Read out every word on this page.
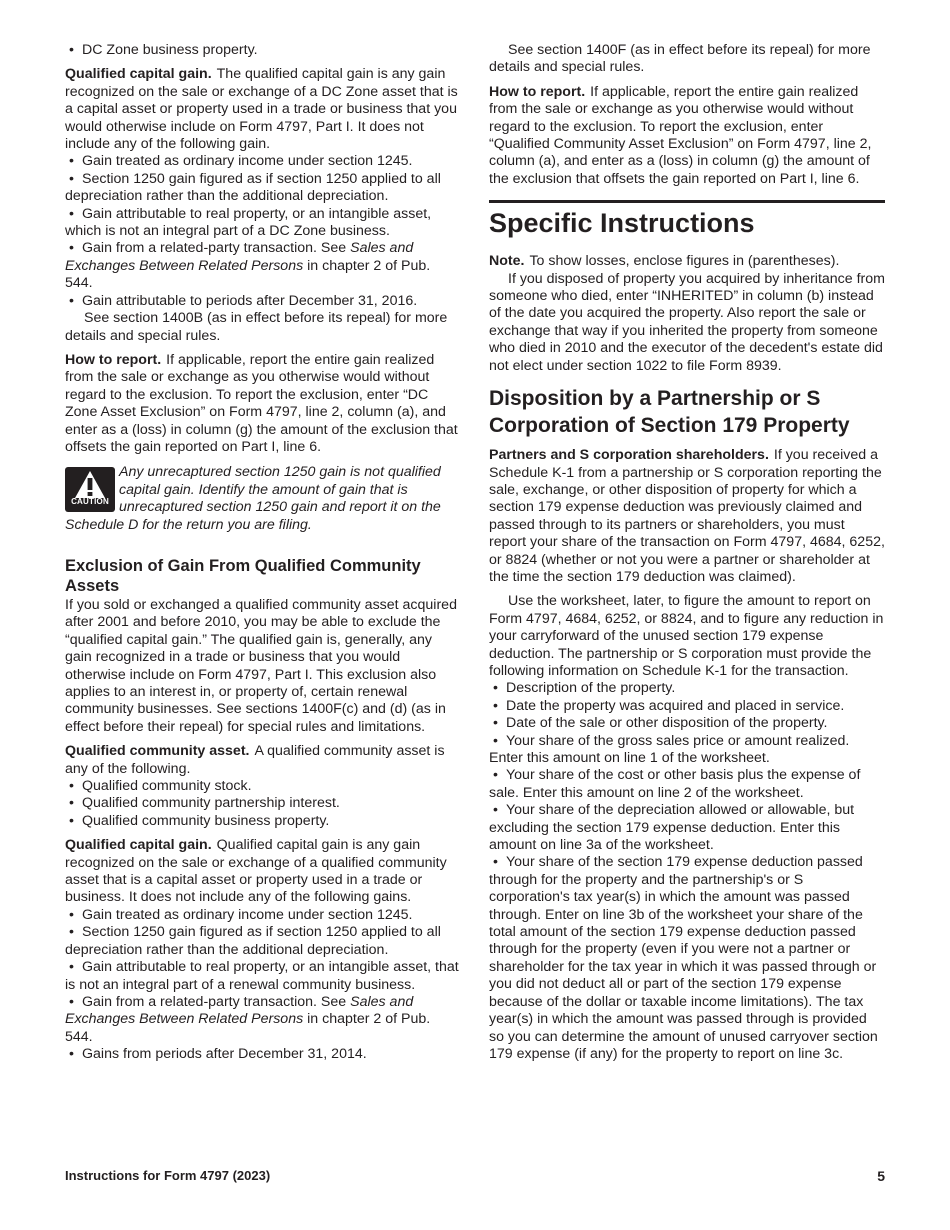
• DC Zone business property.

Qualified capital gain. The qualified capital gain is any gain recognized on the sale or exchange of a DC Zone asset that is a capital asset or property used in a trade or business that you would otherwise include on Form 4797, Part I. It does not include any of the following gain.

• Gain treated as ordinary income under section 1245.

• Section 1250 gain figured as if section 1250 applied to all depreciation rather than the additional depreciation.

• Gain attributable to real property, or an intangible asset, which is not an integral part of a DC Zone business.

• Gain from a related-party transaction. See Sales and Exchanges Between Related Persons in chapter 2 of Pub. 544.

• Gain attributable to periods after December 31, 2016.

See section 1400B (as in effect before its repeal) for more details and special rules.

How to report. If applicable, report the entire gain realized from the sale or exchange as you otherwise would without regard to the exclusion. To report the exclusion, enter “DC Zone Asset Exclusion” on Form 4797, line 2, column (a), and enter as a (loss) in column (g) the amount of the exclusion that offsets the gain reported on Part I, line 6.

CAUTION
Any unrecaptured section 1250 gain is not qualified capital gain. Identify the amount of gain that is unrecaptured section 1250 gain and report it on the Schedule D for the return you are filing.
Exclusion of Gain From Qualified Community Assets

If you sold or exchanged a qualified community asset acquired after 2001 and before 2010, you may be able to exclude the “qualified capital gain.” The qualified gain is, generally, any gain recognized in a trade or business that you would otherwise include on Form 4797, Part I. This exclusion also applies to an interest in, or property of, certain renewal community businesses. See sections 1400F(c) and (d) (as in effect before their repeal) for special rules and limitations.

Qualified community asset. A qualified community asset is any of the following.

• Qualified community stock.

• Qualified community partnership interest.

• Qualified community business property.

Qualified capital gain. Qualified capital gain is any gain recognized on the sale or exchange of a qualified community asset that is a capital asset or property used in a trade or business. It does not include any of the following gains.

• Gain treated as ordinary income under section 1245.

• Section 1250 gain figured as if section 1250 applied to all depreciation rather than the additional depreciation.

• Gain attributable to real property, or an intangible asset, that is not an integral part of a renewal community business.

• Gain from a related-party transaction. See Sales and Exchanges Between Related Persons in chapter 2 of Pub. 544.

• Gains from periods after December 31, 2014.

See section 1400F (as in effect before its repeal) for more details and special rules.

How to report. If applicable, report the entire gain realized from the sale or exchange as you otherwise would without regard to the exclusion. To report the exclusion, enter “Qualified Community Asset Exclusion” on Form 4797, line 2, column (a), and enter as a (loss) in column (g) the amount of the exclusion that offsets the gain reported on Part I, line 6.

Specific Instructions

Note. To show losses, enclose figures in (parentheses).

If you disposed of property you acquired by inheritance from someone who died, enter “INHERITED” in column (b) instead of the date you acquired the property. Also report the sale or exchange that way if you inherited the property from someone who died in 2010 and the executor of the decedent's estate did not elect under section 1022 to file Form 8939.

Disposition by a Partnership or S Corporation of Section 179 Property

Partners and S corporation shareholders. If you received a Schedule K-1 from a partnership or S corporation reporting the sale, exchange, or other disposition of property for which a section 179 expense deduction was previously claimed and passed through to its partners or shareholders, you must report your share of the transaction on Form 4797, 4684, 6252, or 8824 (whether or not you were a partner or shareholder at the time the section 179 deduction was claimed).

Use the worksheet, later, to figure the amount to report on Form 4797, 4684, 6252, or 8824, and to figure any reduction in your carryforward of the unused section 179 expense deduction. The partnership or S corporation must provide the following information on Schedule K-1 for the transaction.

• Description of the property.

• Date the property was acquired and placed in service.

• Date of the sale or other disposition of the property.

• Your share of the gross sales price or amount realized. Enter this amount on line 1 of the worksheet.

• Your share of the cost or other basis plus the expense of sale. Enter this amount on line 2 of the worksheet.

• Your share of the depreciation allowed or allowable, but excluding the section 179 expense deduction. Enter this amount on line 3a of the worksheet.

• Your share of the section 179 expense deduction passed through for the property and the partnership's or S corporation's tax year(s) in which the amount was passed through. Enter on line 3b of the worksheet your share of the total amount of the section 179 expense deduction passed through for the property (even if you were not a partner or shareholder for the tax year in which it was passed through or you did not deduct all or part of the section 179 expense because of the dollar or taxable income limitations). The tax year(s) in which the amount was passed through is provided so you can determine the amount of unused carryover section 179 expense (if any) for the property to report on line 3c.

Instructions for Form 4797 (2023)	5
